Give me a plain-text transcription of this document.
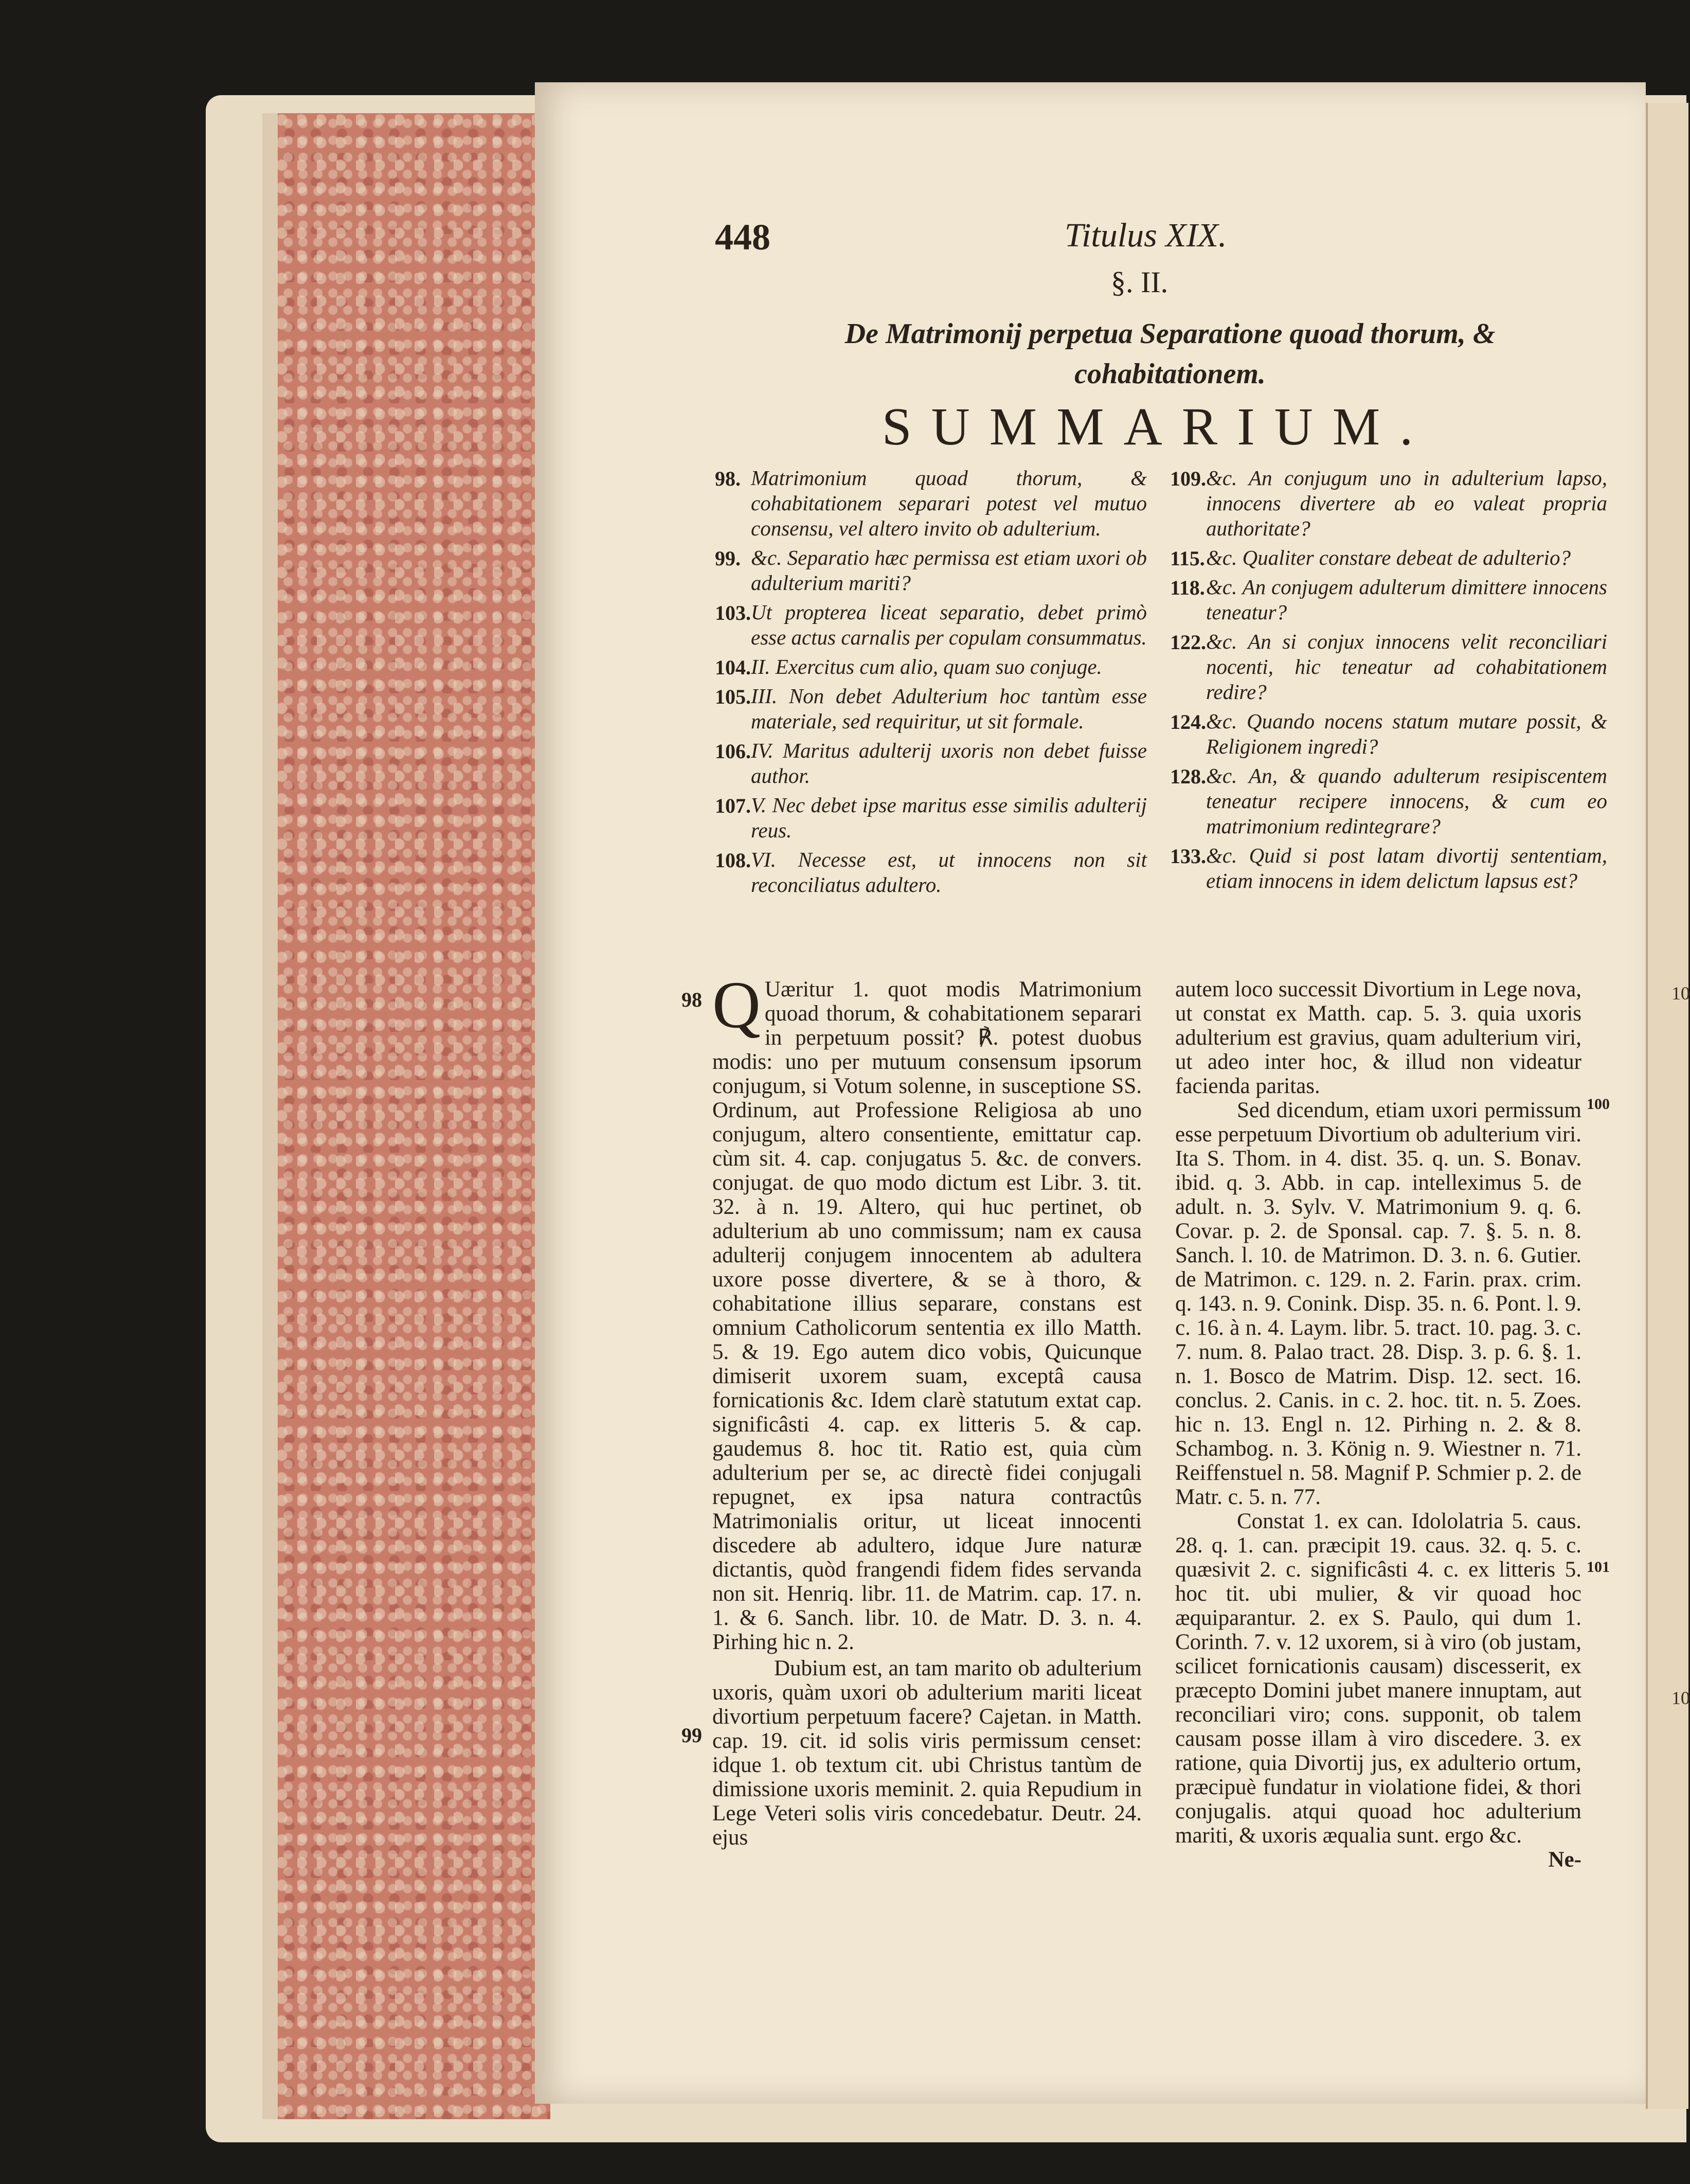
10
10
448	Titulus XIX.
§. II.
De Matrimonij perpetua Separatione quoad thorum, & cohabitationem.
SUMMARIUM.
98. Matrimonium quoad thorum, & cohabitationem separari potest vel mutuo consensu, vel altero invito ob adulterium.
99. &c. Separatio hæc permissa est etiam uxori ob adulterium mariti?
103. Ut propterea liceat separatio, debet primò esse actus carnalis per copulam consummatus.
104. II. Exercitus cum alio, quam suo conjuge.
105. III. Non debet Adulterium hoc tantùm esse materiale, sed requiritur, ut sit formale.
106. IV. Maritus adulterij uxoris non debet fuisse author.
107. V. Nec debet ipse maritus esse similis adulterij reus.
108. VI. Necesse est, ut innocens non sit reconciliatus adultero.
109. &c. An conjugum uno in adulterium lapso, innocens divertere ab eo valeat propria authoritate?
115. &c. Qualiter constare debeat de adulterio?
118. &c. An conjugem adulterum dimittere innocens teneatur?
122. &c. An si conjux innocens velit reconciliari nocenti, hic teneatur ad cohabitationem redire?
124. &c. Quando nocens statum mutare possit, & Religionem ingredi?
128. &c. An, & quando adulterum resipiscentem teneatur recipere innocens, & cum eo matrimonium redintegrare?
133. &c. Quid si post latam divortij sententiam, etiam innocens in idem delictum lapsus est?
98
99
100
101

Q Uæritur 1. quot modis Matrimonium quoad thorum, & cohabitationem separari in perpetuum possit? ℟. potest duobus modis: uno per mutuum consensum ipsorum conjugum, si Votum solenne, in susceptione SS. Ordinum, aut Professione Religiosa ab uno conjugum, altero consentiente, emittatur cap. cùm sit. 4. cap. conjugatus 5. &c. de convers. conjugat. de quo modo dictum est Libr. 3. tit. 32. à n. 19. Altero, qui huc pertinet, ob adulterium ab uno commissum; nam ex causa adulterij conjugem innocentem ab adultera uxore posse divertere, & se à thoro, & cohabitatione illius separare, constans est omnium Catholicorum sententia ex illo Matth. 5. & 19. Ego autem dico vobis, Quicunque dimiserit uxorem suam, exceptâ causa fornicationis &c. Idem clarè statutum extat cap. significâsti 4. cap. ex litteris 5. & cap. gaudemus 8. hoc tit. Ratio est, quia cùm adulterium per se, ac directè fidei conjugali repugnet, ex ipsa natura contractûs Matrimonialis oritur, ut liceat innocenti discedere ab adultero, idque Jure naturæ dictantis, quòd frangendi fidem fides servanda non sit. Henriq. libr. 11. de Matrim. cap. 17. n. 1. & 6. Sanch. libr. 10. de Matr. D. 3. n. 4. Pirhing hic n. 2.

Dubium est, an tam marito ob adulterium uxoris, quàm uxori ob adulterium mariti liceat divortium perpetuum facere? Cajetan. in Matth. cap. 19. cit. id solis viris permissum censet: idque 1. ob textum cit. ubi Christus tantùm de dimissione uxoris meminit. 2. quia Repudium in Lege Veteri solis viris concedebatur. Deutr. 24. ejus

autem loco successit Divortium in Lege nova, ut constat ex Matth. cap. 5. 3. quia uxoris adulterium est gravius, quam adulterium viri, ut adeo inter hoc, & illud non videatur facienda paritas.

Sed dicendum, etiam uxori permissum esse perpetuum Divortium ob adulterium viri. Ita S. Thom. in 4. dist. 35. q. un. S. Bonav. ibid. q. 3. Abb. in cap. intelleximus 5. de adult. n. 3. Sylv. V. Matrimonium 9. q. 6. Covar. p. 2. de Sponsal. cap. 7. §. 5. n. 8. Sanch. l. 10. de Matrimon. D. 3. n. 6. Gutier. de Matrimon. c. 129. n. 2. Farin. prax. crim. q. 143. n. 9. Conink. Disp. 35. n. 6. Pont. l. 9. c. 16. à n. 4. Laym. libr. 5. tract. 10. pag. 3. c. 7. num. 8. Palao tract. 28. Disp. 3. p. 6. §. 1. n. 1. Bosco de Matrim. Disp. 12. sect. 16. conclus. 2. Canis. in c. 2. hoc. tit. n. 5. Zoes. hic n. 13. Engl n. 12. Pirhing n. 2. & 8. Schambog. n. 3. König n. 9. Wiestner n. 71. Reiffenstuel n. 58. Magnif P. Schmier p. 2. de Matr. c. 5. n. 77.

Constat 1. ex can. Idololatria 5. caus. 28. q. 1. can. præcipit 19. caus. 32. q. 5. c. quæsivit 2. c. significâsti 4. c. ex litteris 5. hoc tit. ubi mulier, & vir quoad hoc æquiparantur. 2. ex S. Paulo, qui dum 1. Corinth. 7. v. 12 uxorem, si à viro (ob justam, scilicet fornicationis causam) discesserit, ex præcepto Domini jubet manere innuptam, aut reconciliari viro; cons. supponit, ob talem causam posse illam à viro discedere. 3. ex ratione, quia Divortij jus, ex adulterio ortum, præcipuè fundatur in violatione fidei, & thori conjugalis. atqui quoad hoc adulterium mariti, & uxoris æqualia sunt. ergo &c.

Ne-
